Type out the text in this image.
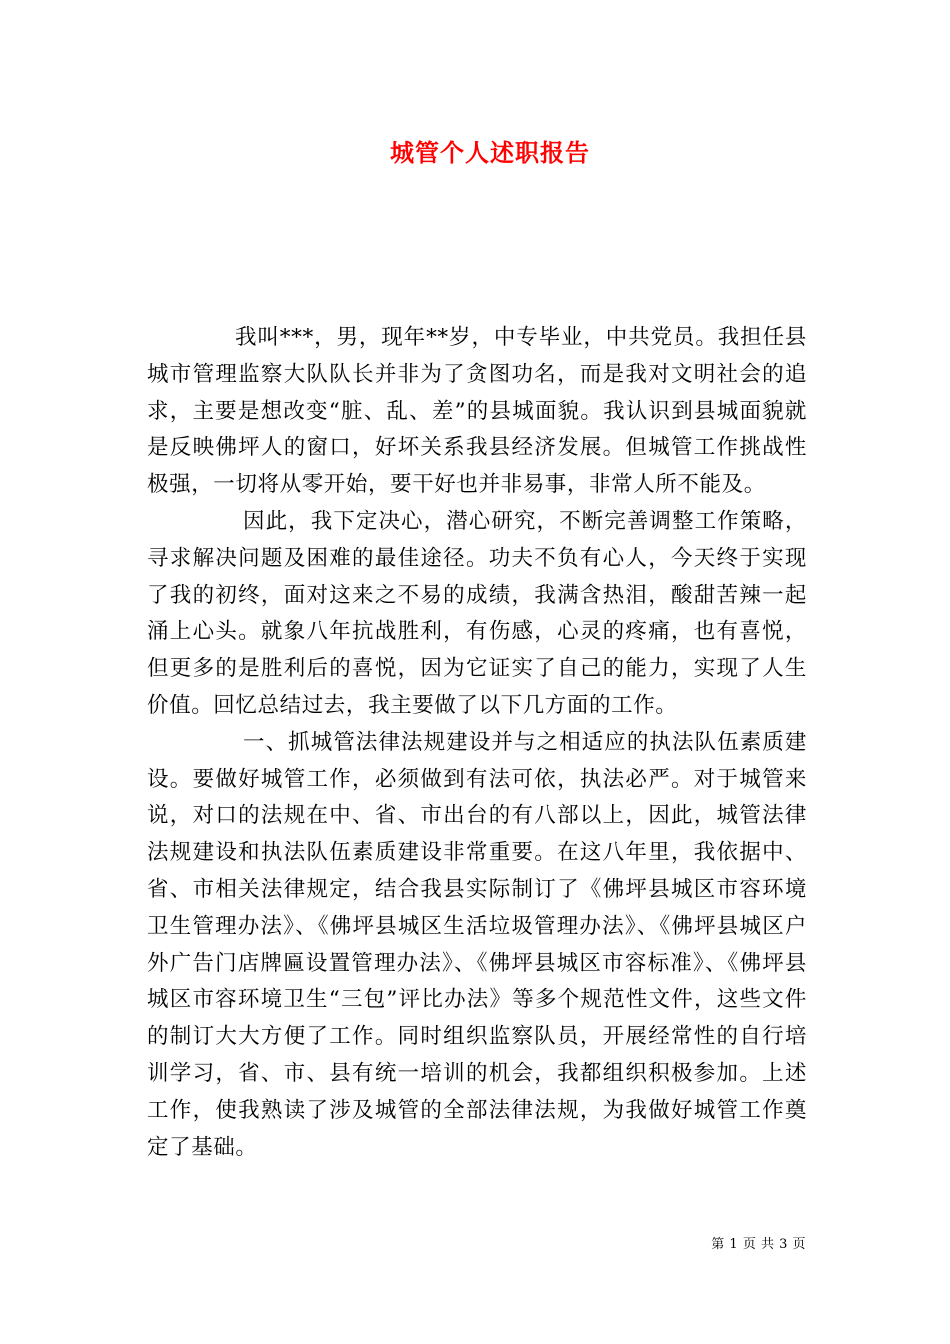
城管个人述职报告

我叫***，男，现年**岁，中专毕业，中共党员。我担任县城市管理监察大队队长并非为了贪图功名，而是我对文明社会的追求，主要是想改变“脏、乱、差”的县城面貌。我认识到县城面貌就是反映佛坪人的窗口，好坏关系我县经济发展。但城管工作挑战性极强，一切将从零开始，要干好也并非易事，非常人所不能及。

因此，我下定决心，潜心研究，不断完善调整工作策略，寻求解决问题及困难的最佳途径。功夫不负有心人，今天终于实现了我的初终，面对这来之不易的成绩，我满含热泪，酸甜苦辣一起涌上心头。就象八年抗战胜利，有伤感，心灵的疼痛，也有喜悦，但更多的是胜利后的喜悦，因为它证实了自己的能力，实现了人生价值。回忆总结过去，我主要做了以下几方面的工作。

一、抓城管法律法规建设并与之相适应的执法队伍素质建设。要做好城管工作，必须做到有法可依，执法必严。对于城管来说，对口的法规在中、省、市出台的有八部以上，因此，城管法律法规建设和执法队伍素质建设非常重要。在这八年里，我依据中、省、市相关法律规定，结合我县实际制订了《佛坪县城区市容环境卫生管理办法》、《佛坪县城区生活垃圾管理办法》、《佛坪县城区户外广告门店牌匾设置管理办法》、《佛坪县城区市容标准》、《佛坪县城区市容环境卫生“三包”评比办法》等多个规范性文件，这些文件的制订大大方便了工作。同时组织监察队员，开展经常性的自行培训学习，省、市、县有统一培训的机会，我都组织积极参加。上述工作，使我熟读了涉及城管的全部法律法规，为我做好城管工作奠定了基础。

第 1 页 共 3 页
